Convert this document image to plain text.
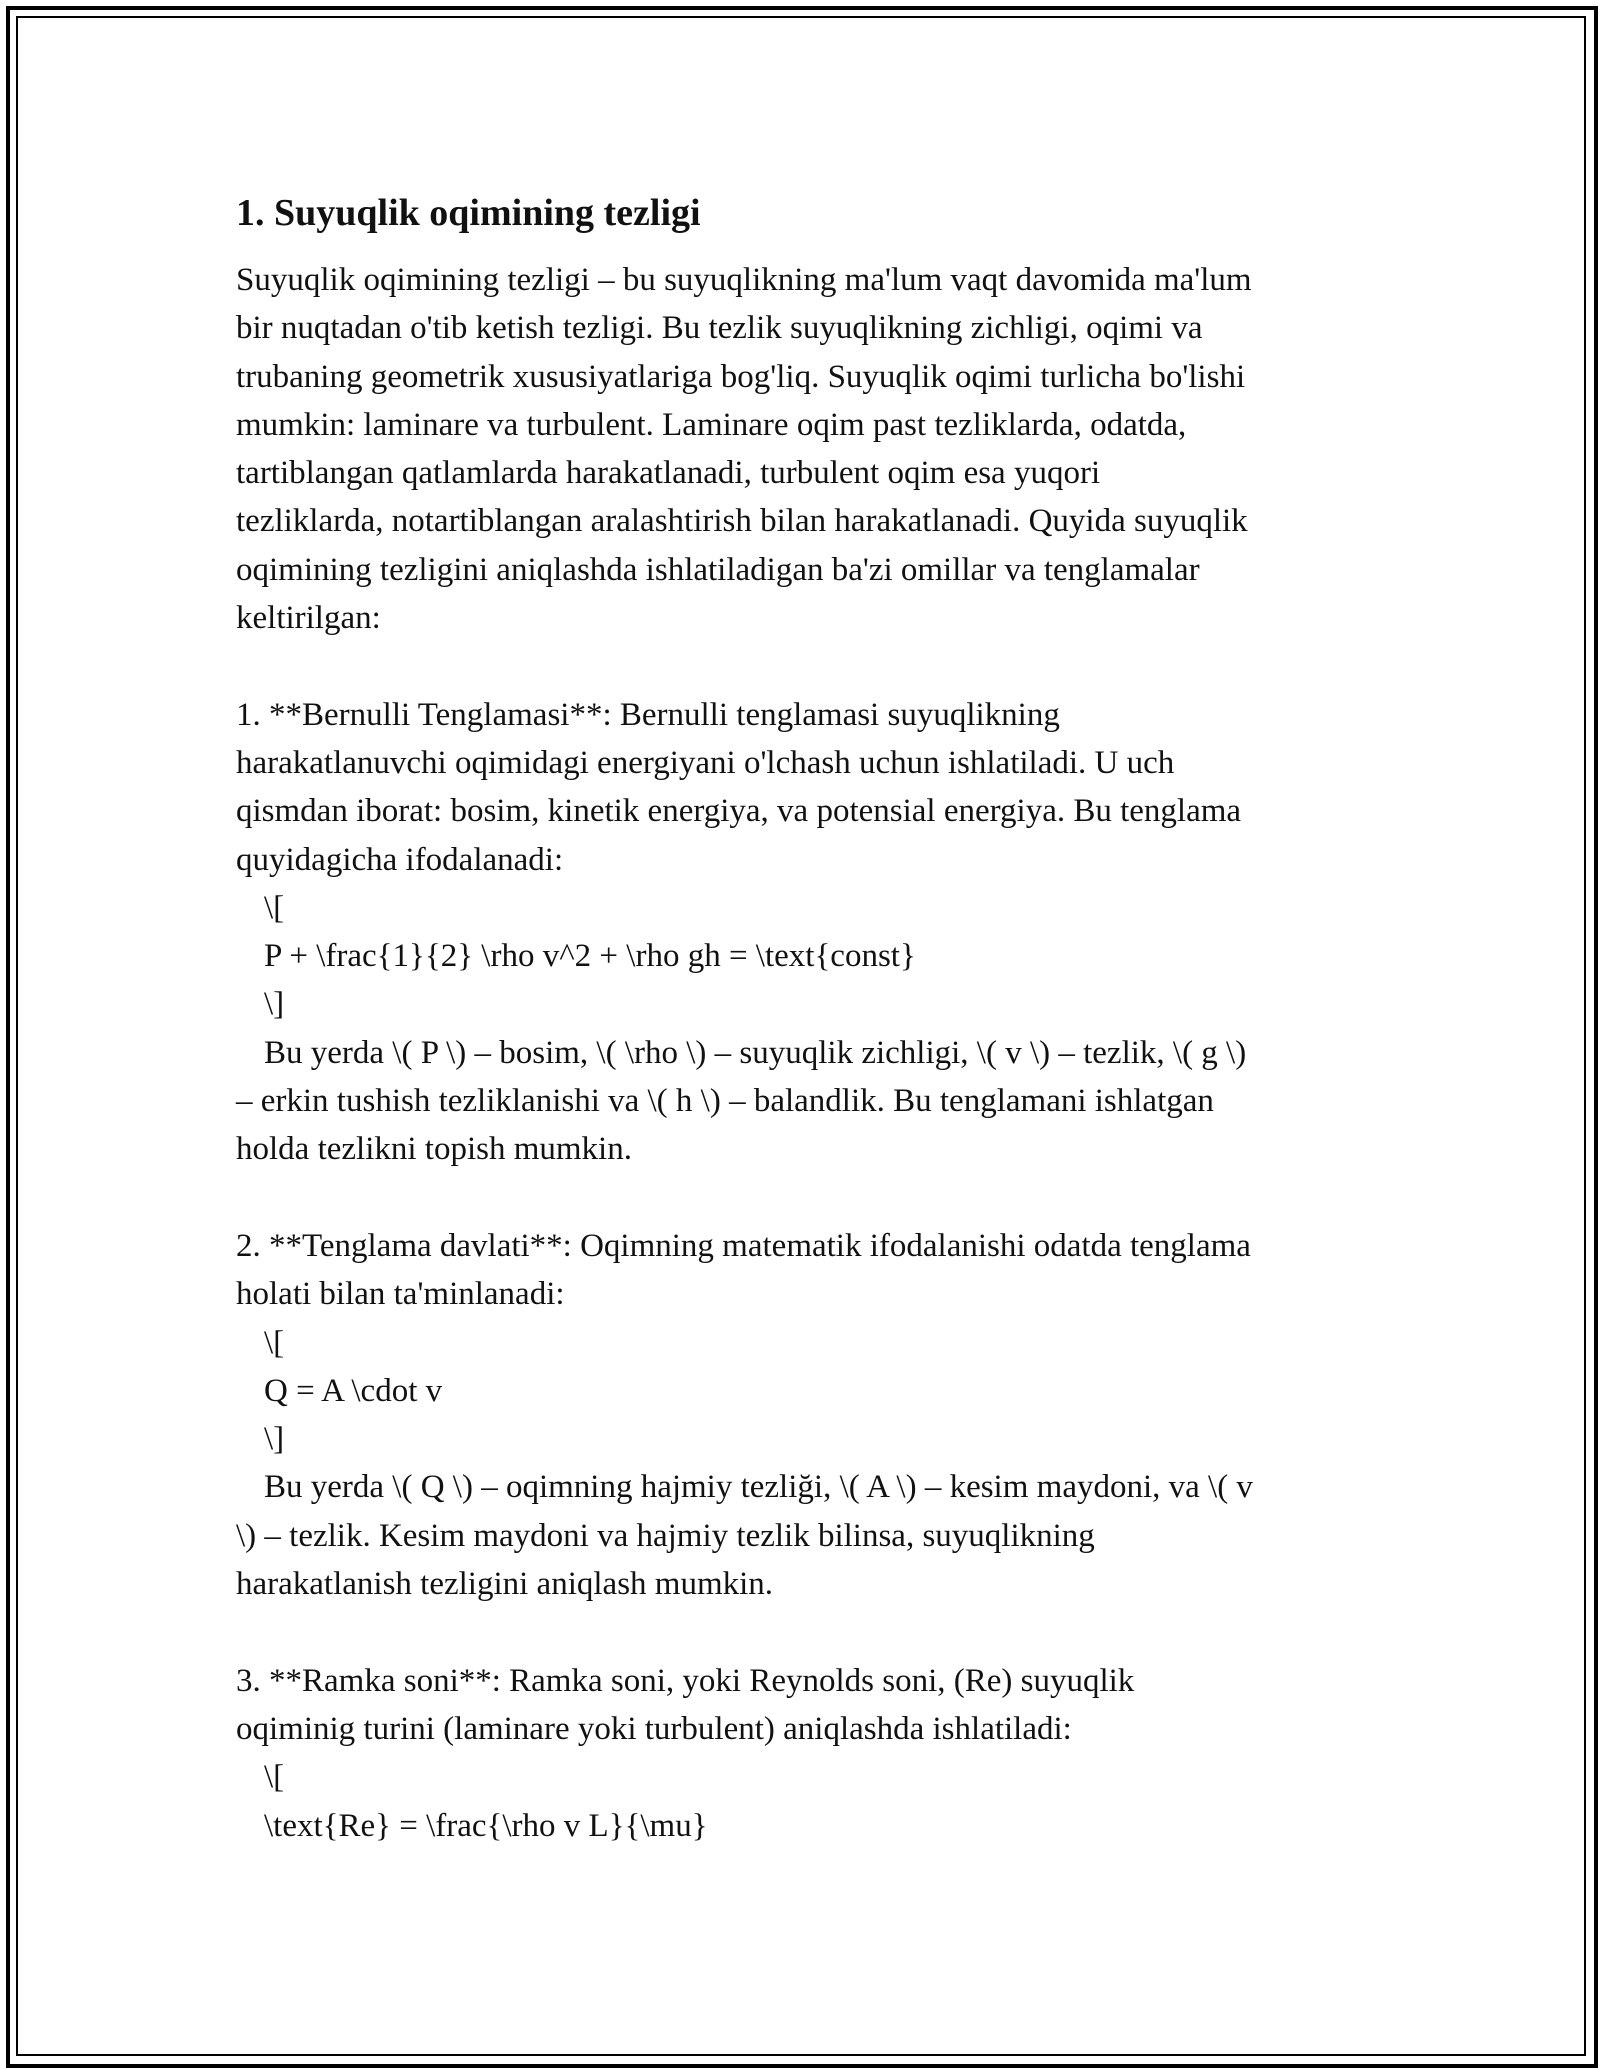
1. Suyuqlik oqimining tezligi
Suyuqlik oqimining tezligi – bu suyuqlikning ma'lum vaqt davomida ma'lum
bir nuqtadan o'tib ketish tezligi. Bu tezlik suyuqlikning zichligi, oqimi va
trubaning geometrik xususiyatlariga bog'liq. Suyuqlik oqimi turlicha bo'lishi
mumkin: laminare va turbulent. Laminare oqim past tezliklarda, odatda,
tartiblangan qatlamlarda harakatlanadi, turbulent oqim esa yuqori
tezliklarda, notartiblangan aralashtirish bilan harakatlanadi. Quyida suyuqlik
oqimining tezligini aniqlashda ishlatiladigan ba'zi omillar va tenglamalar
keltirilgan:
1. **Bernulli Tenglamasi**: Bernulli tenglamasi suyuqlikning
harakatlanuvchi oqimidagi energiyani o'lchash uchun ishlatiladi. U uch
qismdan iborat: bosim, kinetik energiya, va potensial energiya. Bu tenglama
quyidagicha ifodalanadi:
\[
P + \frac{1}{2} \rho v^2 + \rho gh = \text{const}
\]
Bu yerda \( P \) – bosim, \( \rho \) – suyuqlik zichligi, \( v \) – tezlik, \( g \)
– erkin tushish tezliklanishi va \( h \) – balandlik. Bu tenglamani ishlatgan
holda tezlikni topish mumkin.
2. **Tenglama davlati**: Oqimning matematik ifodalanishi odatda tenglama
holati bilan ta'minlanadi:
\[
Q = A \cdot v
\]
Bu yerda \( Q \) – oqimning hajmiy tezliği, \( A \) – kesim maydoni, va \( v
\) – tezlik. Kesim maydoni va hajmiy tezlik bilinsa, suyuqlikning
harakatlanish tezligini aniqlash mumkin.
3. **Ramka soni**: Ramka soni, yoki Reynolds soni, (Re) suyuqlik
oqiminig turini (laminare yoki turbulent) aniqlashda ishlatiladi:
\[
\text{Re} = \frac{\rho v L}{\mu}
